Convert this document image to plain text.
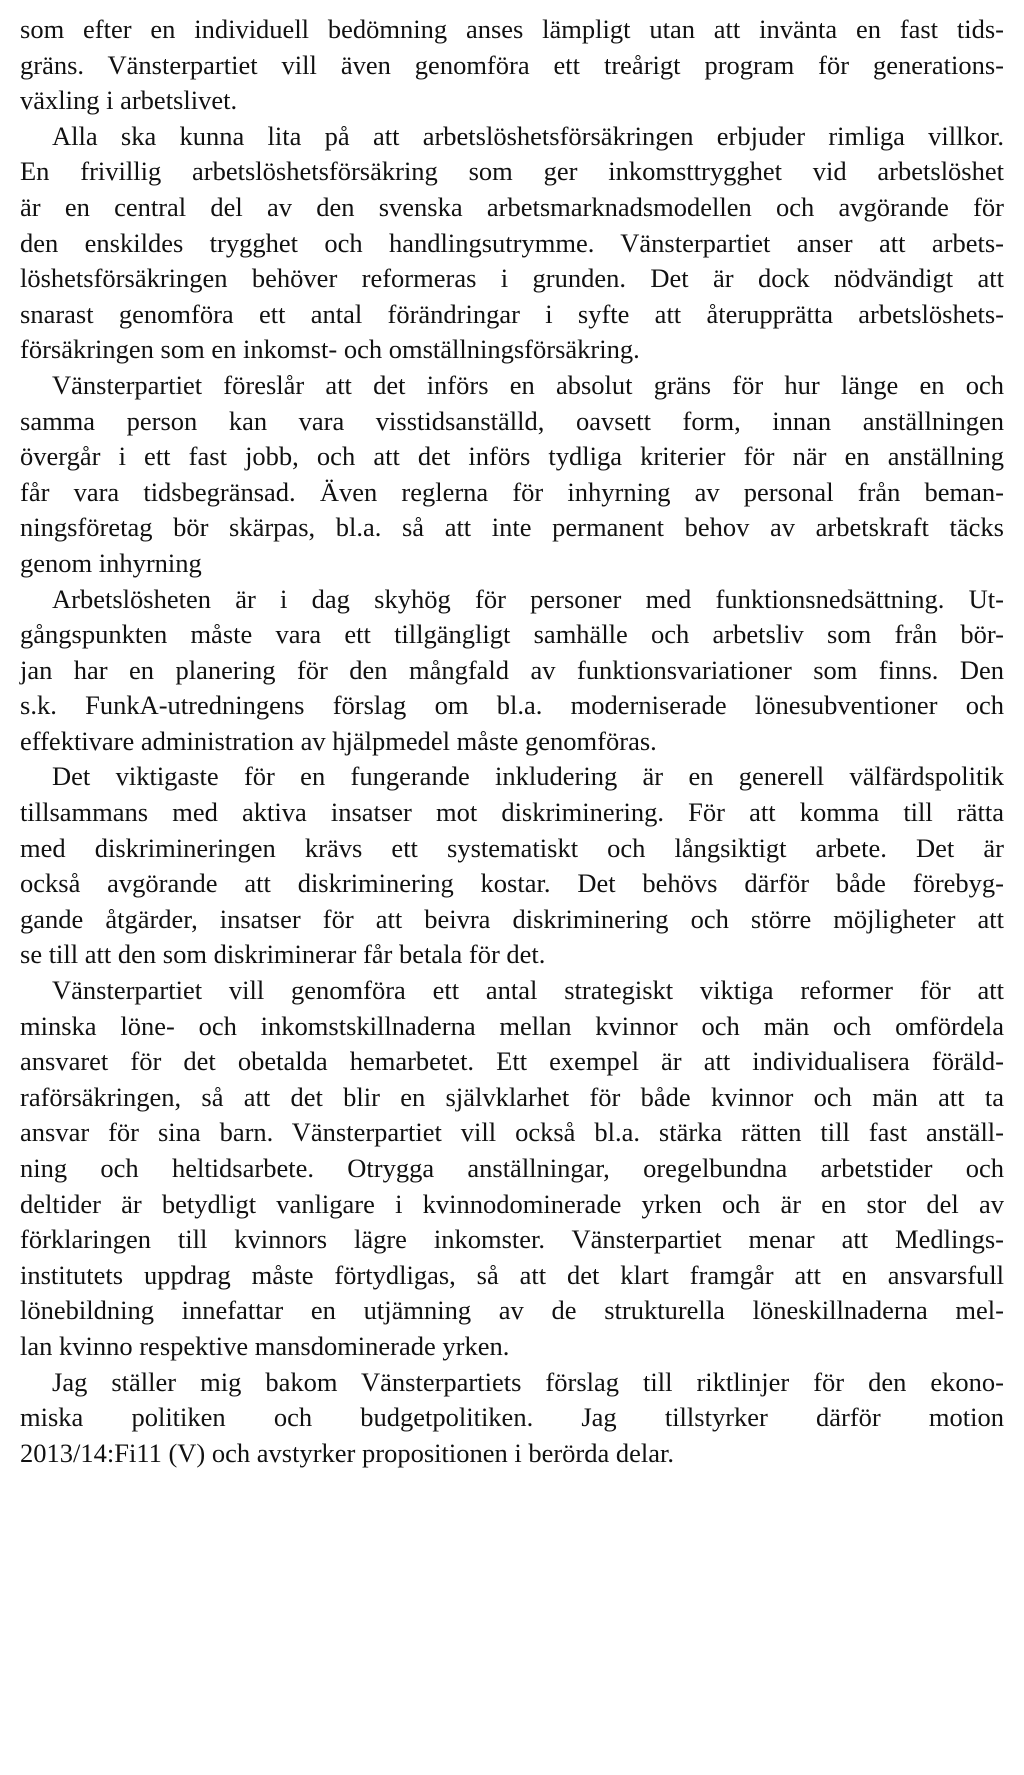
som efter en individuell bedömning anses lämpligt utan att invänta en fast tids-
gräns. Vänsterpartiet vill även genomföra ett treårigt program för generations-
växling i arbetslivet.
Alla ska kunna lita på att arbetslöshetsförsäkringen erbjuder rimliga villkor.
En frivillig arbetslöshetsförsäkring som ger inkomsttrygghet vid arbetslöshet
är en central del av den svenska arbetsmarknadsmodellen och avgörande för
den enskildes trygghet och handlingsutrymme. Vänsterpartiet anser att arbets-
löshetsförsäkringen behöver reformeras i grunden. Det är dock nödvändigt att
snarast genomföra ett antal förändringar i syfte att återupprätta arbetslöshets-
försäkringen som en inkomst- och omställningsförsäkring.
Vänsterpartiet föreslår att det införs en absolut gräns för hur länge en och
samma person kan vara visstidsanställd, oavsett form, innan anställningen
övergår i ett fast jobb, och att det införs tydliga kriterier för när en anställning
får vara tidsbegränsad. Även reglerna för inhyrning av personal från beman-
ningsföretag bör skärpas, bl.a. så att inte permanent behov av arbetskraft täcks
genom inhyrning
Arbetslösheten är i dag skyhög för personer med funktionsnedsättning. Ut-
gångspunkten måste vara ett tillgängligt samhälle och arbetsliv som från bör-
jan har en planering för den mångfald av funktionsvariationer som finns. Den
s.k. FunkA-utredningens förslag om bl.a. moderniserade lönesubventioner och
effektivare administration av hjälpmedel måste genomföras.
Det viktigaste för en fungerande inkludering är en generell välfärdspolitik
tillsammans med aktiva insatser mot diskriminering. För att komma till rätta
med diskrimineringen krävs ett systematiskt och långsiktigt arbete. Det är
också avgörande att diskriminering kostar. Det behövs därför både förebyg-
gande åtgärder, insatser för att beivra diskriminering och större möjligheter att
se till att den som diskriminerar får betala för det.
Vänsterpartiet vill genomföra ett antal strategiskt viktiga reformer för att
minska löne- och inkomstskillnaderna mellan kvinnor och män och omfördela
ansvaret för det obetalda hemarbetet. Ett exempel är att individualisera föräld-
raförsäkringen, så att det blir en självklarhet för både kvinnor och män att ta
ansvar för sina barn. Vänsterpartiet vill också bl.a. stärka rätten till fast anställ-
ning och heltidsarbete. Otrygga anställningar, oregelbundna arbetstider och
deltider är betydligt vanligare i kvinnodominerade yrken och är en stor del av
förklaringen till kvinnors lägre inkomster. Vänsterpartiet menar att Medlings-
institutets uppdrag måste förtydligas, så att det klart framgår att en ansvarsfull
lönebildning innefattar en utjämning av de strukturella löneskillnaderna mel-
lan kvinno respektive mansdominerade yrken.
Jag ställer mig bakom Vänsterpartiets förslag till riktlinjer för den ekono-
miska politiken och budgetpolitiken. Jag tillstyrker därför motion
2013/14:Fi11 (V) och avstyrker propositionen i berörda delar.
